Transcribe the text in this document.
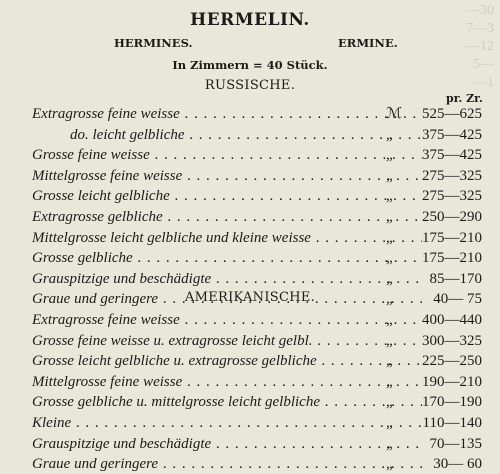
—30
7—3
—12
5—
—1
HERMELIN.
HERMINES.	ERMINE.
In Zimmern = 40 Stück.
RUSSISCHE.
pr. Zr.
Extragrosse feine weisse . . .	ℳ 525—625
do. leicht gelbliche . . .	„ 375—425
Grosse feine weisse . . .	„ 375—425
Mittelgrosse feine weisse . . .	„ 275—325
Grosse leicht gelbliche . . .	„ 275—325
Extragrosse gelbliche . . .	„ 250—290
Mittelgrosse leicht gelbliche und kleine weisse . . .	„ 175—210
Grosse gelbliche . . .	„ 175—210
Grauspitzige und beschädigte . . .	„ 85—170
Graue und geringere . . .	„	40— 75
AMERIKANISCHE.
Extragrosse feine weisse . . .	„ 400—440
Grosse feine weisse u. extragrosse leicht gelbl. . . .	„ 300—325
Grosse leicht gelbliche u. extragrosse gelbliche . . .	„ 225—250
Mittelgrosse feine weisse . . .	„ 190—210
Grosse gelbliche u. mittelgrosse leicht gelbliche . . .	„ 170—190
Kleine . . .	„ 110—140
Grauspitzige und beschädigte . . .	„ 70—135
Graue und geringere . . .	„	30— 60
